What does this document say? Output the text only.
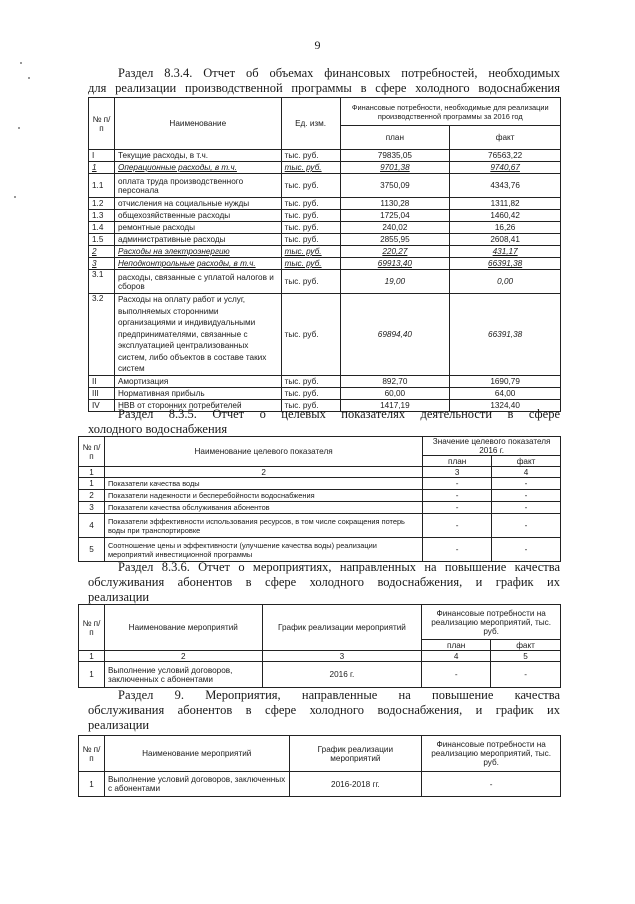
9
Раздел 8.3.4. Отчет об объемах финансовых потребностей, необходимых
для реализации производственной программы в сфере холодного водоснабжения
№ п/п	Наименование	Ед. изм.	Финансовые потребности, необходимые для реализации производственной программы за 2016 год	
			план	факт
I	Текущие расходы, в т.ч.	тыс. руб.	79835,05	76563,22
1	Операционные расходы, в т.ч.	тыс. руб.	9701,38	9740,67
1.1	оплата труда производственного персонала	тыс. руб.	3750,09	4343,76
1.2	отчисления на социальные нужды	тыс. руб.	1130,28	1311,82
1.3	общехозяйственные расходы	тыс. руб.	1725,04	1460,42
1.4	ремонтные расходы	тыс. руб.	240,02	16,26
1.5	административные расходы	тыс. руб.	2855,95	2608,41
2	Расходы на электроэнергию	тыс. руб.	220,27	431,17
3	Неподконтрольные расходы, в т.ч.	тыс. руб.	69913,40	66391,38
3.1	расходы, связанные с уплатой налогов и сборов	тыс. руб.	19,00	0,00
3.2	Расходы на оплату работ и услуг, выполняемых сторонними организациями и индивидуальными предпринимателями, связанные с эксплуатацией централизованных систем, либо объектов в составе таких систем	тыс. руб.	69894,40	66391,38
II	Амортизация	тыс. руб.	892,70	1690,79
III	Нормативная прибыль	тыс. руб.	60,00	64,00
IV	НВВ от сторонних потребителей	тыс. руб.	1417,19	1324,40
Раздел 8.3.5. Отчет о целевых показателях деятельности в сфере
холодного водоснабжения
№ п/п	Наименование целевого показателя	Значение целевого показателя 2016 г.	
		план	факт
1	2	3	4
1	Показатели качества воды	-	-
2	Показатели надежности и бесперебойности водоснабжения	-	-
3	Показатели качества обслуживания абонентов	-	-
4	Показатели эффективности использования ресурсов, в том числе сокращения потерь воды при транспортировке	-	-
5	Соотношение цены и эффективности (улучшение качества воды) реализации мероприятий инвестиционной программы	-	-
Раздел 8.3.6. Отчет о мероприятиях, направленных на повышение качества
обслуживания абонентов в сфере холодного водоснабжения, и график их
реализации
№ п/п	Наименование мероприятий	График реализации мероприятий	Финансовые потребности на реализацию мероприятий, тыс. руб.	
			план	факт
1	2	3	4	5
1	Выполнение условий договоров, заключенных с абонентами	2016 г.	-	-
Раздел 9. Мероприятия, направленные на повышение качества
обслуживания абонентов в сфере холодного водоснабжения, и график их
реализации
№ п/п	Наименование мероприятий	График реализации мероприятий	Финансовые потребности на реализацию мероприятий, тыс. руб.
1	Выполнение условий договоров, заключенных с абонентами	2016-2018 гг.	-
